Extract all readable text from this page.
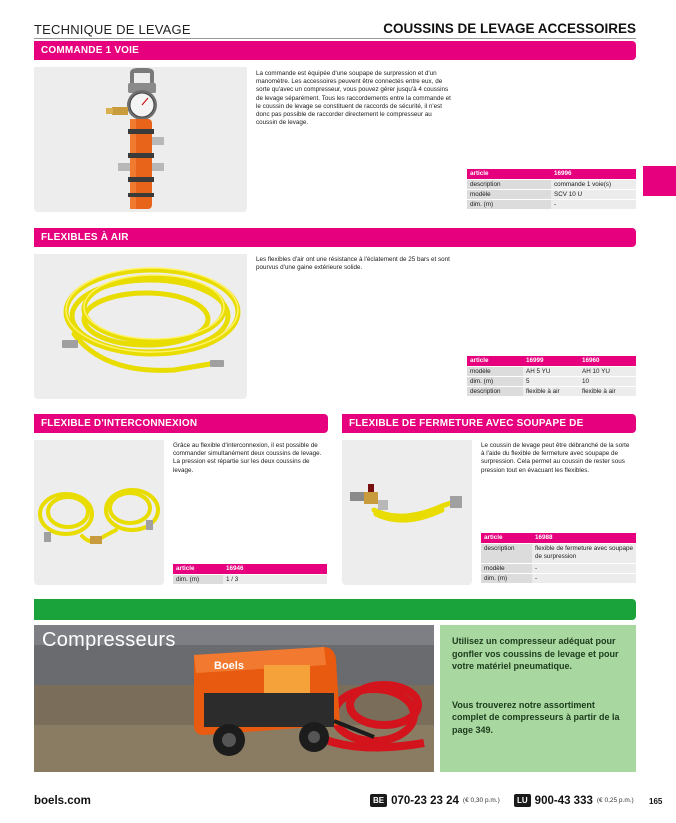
TECHNIQUE DE LEVAGE	COUSSINS DE LEVAGE ACCESSOIRES
COMMANDE 1 VOIE
La commande est équipée d'une soupape de surpression et d'un manomètre. Les accessoires peuvent être connectés entre eux, de sorte qu'avec un compresseur, vous pouvez gérer jusqu'à 4 coussins de levage séparément. Tous les raccordements entre la commande et le coussin de levage se constituent de raccords de sécurité, il n'est donc pas possible de raccorder directement le compresseur au coussin de levage.
article	16996
description	commande 1 voie(s)
modèle	SCV 10 U
dim. (m)	-
FLEXIBLES À AIR
Les flexibles d'air ont une résistance à l'éclatement de 25 bars et sont pourvus d'une gaine extérieure solide.
article	16999	16960
modèle	AH 5 YU	AH 10 YU
dim. (m)	5	10
description	flexible à air	flexible à air
FLEXIBLE D'INTERCONNEXION
Grâce au flexible d'interconnexion, il est possible de commander simultanément deux coussins de levage. La pression est répartie sur les deux coussins de levage.
article	16946
dim. (m)	1 / 3
FLEXIBLE DE FERMETURE AVEC SOUPAPE DE
Le coussin de levage peut être débranché de la sorte à l'aide du flexible de fermeture avec soupape de surpression. Cela permet au coussin de rester sous pression tout en évacuant les flexibles.
article	16988
description	flexible de fermeture avec soupape de surpression
modèle	-
dim. (m)	-
Boels
Compresseurs	Utilisez un compresseur adéquat pour gonfler vos coussins de levage et pour votre matériel pneumatique.

Vous trouverez notre assortiment complet de compresseurs à partir de la page 349.

boels.com	BE 070-23 23 24 (€ 0,30 p.m.)	LU 900-43 333 (€ 0,25 p.m.) 165
